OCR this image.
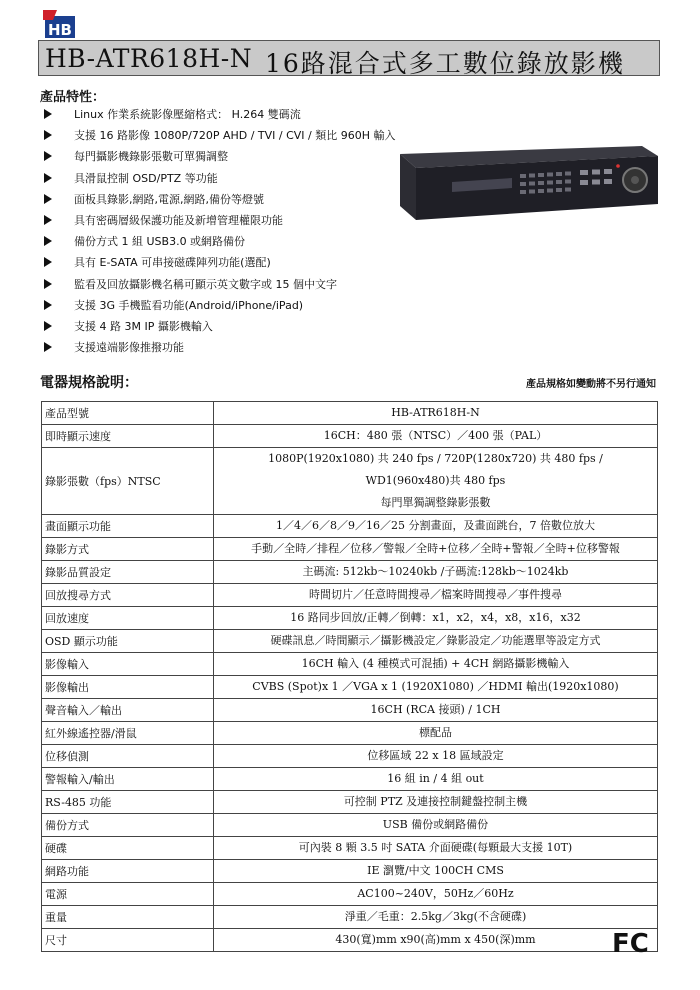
HB
HB-ATR618H-N 16路混合式多工數位錄放影機
產品特性：
Linux 作業系統影像壓縮格式： H.264 雙碼流
支援 16 路影像 1080P/720P AHD / TVI / CVI / 類比 960H 輸入
每門攝影機錄影張數可單獨調整
具滑鼠控制 OSD/PTZ 等功能
面板具錄影,網路,電源,網路,備份等燈號
具有密碼層級保護功能及新增管理權限功能
備份方式 1 組 USB3.0 或網路備份
具有 E-SATA 可串接磁碟陣列功能(選配)
監看及回放攝影機名稱可顯示英文數字或 15 個中文字
支援 3G 手機監看功能(Android/iPhone/iPad)
支援 4 路 3M IP 攝影機輸入
支援遠端影像推撥功能
電器規格說明：	產品規格如變動將不另行通知
產品型號	HB-ATR618H-N

即時顯示速度	16CH：480 張（NTSC）／400 張（PAL）

錄影張數（fps）NTSC	1080P(1920x1080) 共 240 fps / 720P(1280x720) 共 480 fps /
WD1(960x480)共 480 fps
每門單獨調整錄影張數

畫面顯示功能	1／4／6／8／9／16／25 分割畫面，及畫面跳台，7 倍數位放大

錄影方式	手動／全時／排程／位移／警報／全時+位移／全時+警報／全時+位移警報

錄影品質設定	主碼流: 512kb～10240kb /子碼流:128kb～1024kb

回放搜尋方式	時間切片／任意時間搜尋／檔案時間搜尋／事件搜尋

回放速度	16 路同步回放/正轉／倒轉：x1，x2，x4，x8，x16，x32

OSD 顯示功能	硬碟訊息／時間顯示／攝影機設定／錄影設定／功能選單等設定方式

影像輸入	16CH 輸入 (4 種模式可混插) + 4CH 網路攝影機輸入

影像輸出	CVBS (Spot)x 1 ／VGA x 1 (1920X1080) ／HDMI 輸出(1920x1080)

聲音輸入／輸出	16CH (RCA 接頭) / 1CH

紅外線遙控器/滑鼠	標配品

位移偵測	位移區域 22 x 18 區域設定

警報輸入/輸出	16 組 in / 4 組 out

RS-485 功能	可控制 PTZ 及連接控制鍵盤控制主機

備份方式	USB 備份或網路備份

硬碟	可內裝 8 顆 3.5 吋 SATA 介面硬碟(每顆最大支援 10T)

網路功能	IE 瀏覽/中文 100CH CMS

電源	AC100~240V，50Hz／60Hz

重量	淨重／毛重：2.5kg／3kg(不含硬碟)

尺寸	430(寬)mm x90(高)mm x 450(深)mm	FC
